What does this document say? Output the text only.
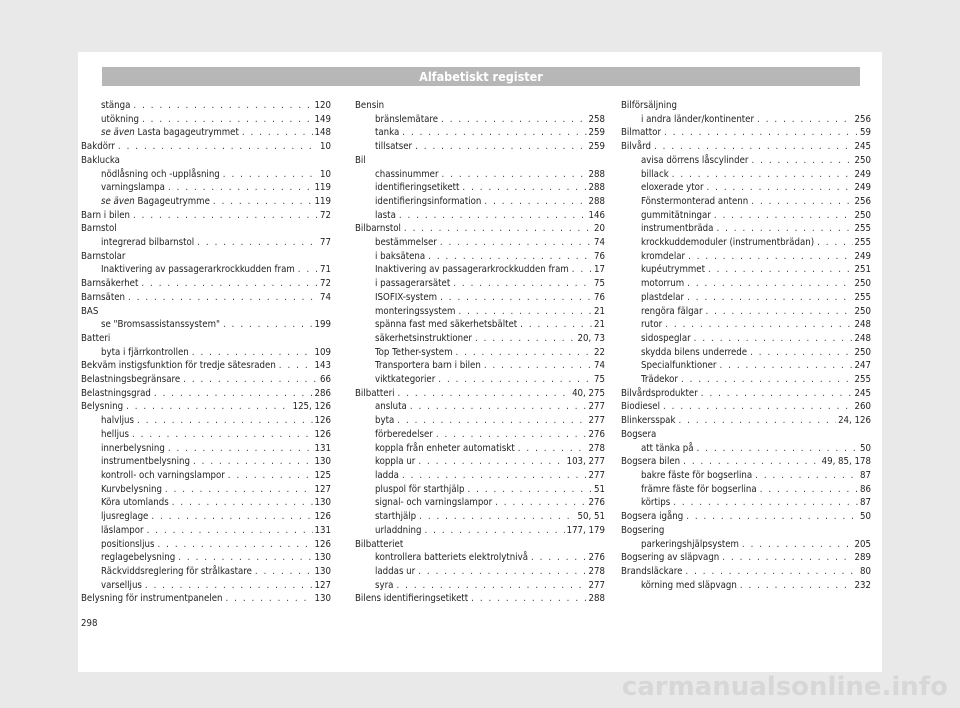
Alfabetiskt register
stänga . . .	120
utökning . . .	149
se även Lasta bagageutrymmet . . .	148
Bakdörr . . .	10
Baklucka
nödlåsning och -upplåsning . . .	10
varningslampa . . .	119
se även Bagageutrymme . . .	119
Barn i bilen . . .	72
Barnstol
integrerad bilbarnstol . . .	77
Barnstolar
Inaktivering av passagerarkrockkudden fram . . .	71
Barnsäkerhet . . .	72
Barnsäten . . .	74
BAS
se "Bromsassistanssystem" . . .	199
Batteri
byta i fjärrkontrollen . . .	109
Bekväm instigsfunktion för tredje sätesraden . . .	143
Belastningsbegränsare . . .	66
Belastningsgrad . . .	286
Belysning . . .	125, 126
halvljus . . .	126
helljus . . .	126
innerbelysning . . .	131
instrumentbelysning . . .	130
kontroll- och varningslampor . . .	125
Kurvbelysning . . .	127
Köra utomlands . . .	130
ljusreglage . . .	126
läslampor . . .	131
positionsljus . . .	126
reglagebelysning . . .	130
Räckviddsreglering för strålkastare . . .	130
varselljus . . .	127
Belysning för instrumentpanelen . . .	130
Bensin
bränslemätare . . .	258
tanka . . .	259
tillsatser . . .	259
Bil
chassinummer . . .	288
identifieringsetikett . . .	288
identifieringsinformation . . .	288
lasta . . .	146
Bilbarnstol . . .	20
bestämmelser . . .	74
i baksätena . . .	76
Inaktivering av passagerarkrockkudden fram . . .	17
i passagerarsätet . . .	75
ISOFIX-system . . .	76
monteringssystem . . .	21
spänna fast med säkerhetsbältet . . .	21
säkerhetsinstruktioner . . .	20, 73
Top Tether-system . . .	22
Transportera barn i bilen . . .	74
viktkategorier . . .	75
Bilbatteri . . .	40, 275
ansluta . . .	277
byta . . .	277
förberedelser . . .	276
koppla från enheter automatiskt . . .	278
koppla ur . . .	103, 277
ladda . . .	277
pluspol för starthjälp . . .	51
signal- och varningslampor . . .	276
starthjälp . . .	50, 51
urladdning . . .	177, 179
Bilbatteriet
kontrollera batteriets elektrolytnivå . . .	276
laddas ur . . .	278
syra . . .	277
Bilens identifieringsetikett . . .	288
Bilförsäljning
i andra länder/kontinenter . . .	256
Bilmattor . . .	59
Bilvård . . .	245
avisa dörrens låscylinder . . .	250
billack . . .	249
eloxerade ytor . . .	249
Fönstermonterad antenn . . .	256
gummitätningar . . .	250
instrumentbräda . . .	255
krockkuddemoduler (instrumentbrädan) . . .	255
kromdelar . . .	249
kupéutrymmet . . .	251
motorrum . . .	250
plastdelar . . .	255
rengöra fälgar . . .	250
rutor . . .	248
sidospeglar . . .	248
skydda bilens underrede . . .	250
Specialfunktioner . . .	247
Trädekor . . .	255
Bilvårdsprodukter . . .	245
Biodiesel . . .	260
Blinkersspak . . .	24, 126
Bogsera
att tänka på . . .	50
Bogsera bilen . . .	49, 85, 178
bakre fäste för bogserlina . . .	87
främre fäste för bogserlina . . .	86
körtips . . .	87
Bogsera igång . . .	50
Bogsering
parkeringshjälpsystem . . .	205
Bogsering av släpvagn . . .	289
Brandsläckare . . .	80
körning med släpvagn . . .	232
298
carmanualsonline.info
